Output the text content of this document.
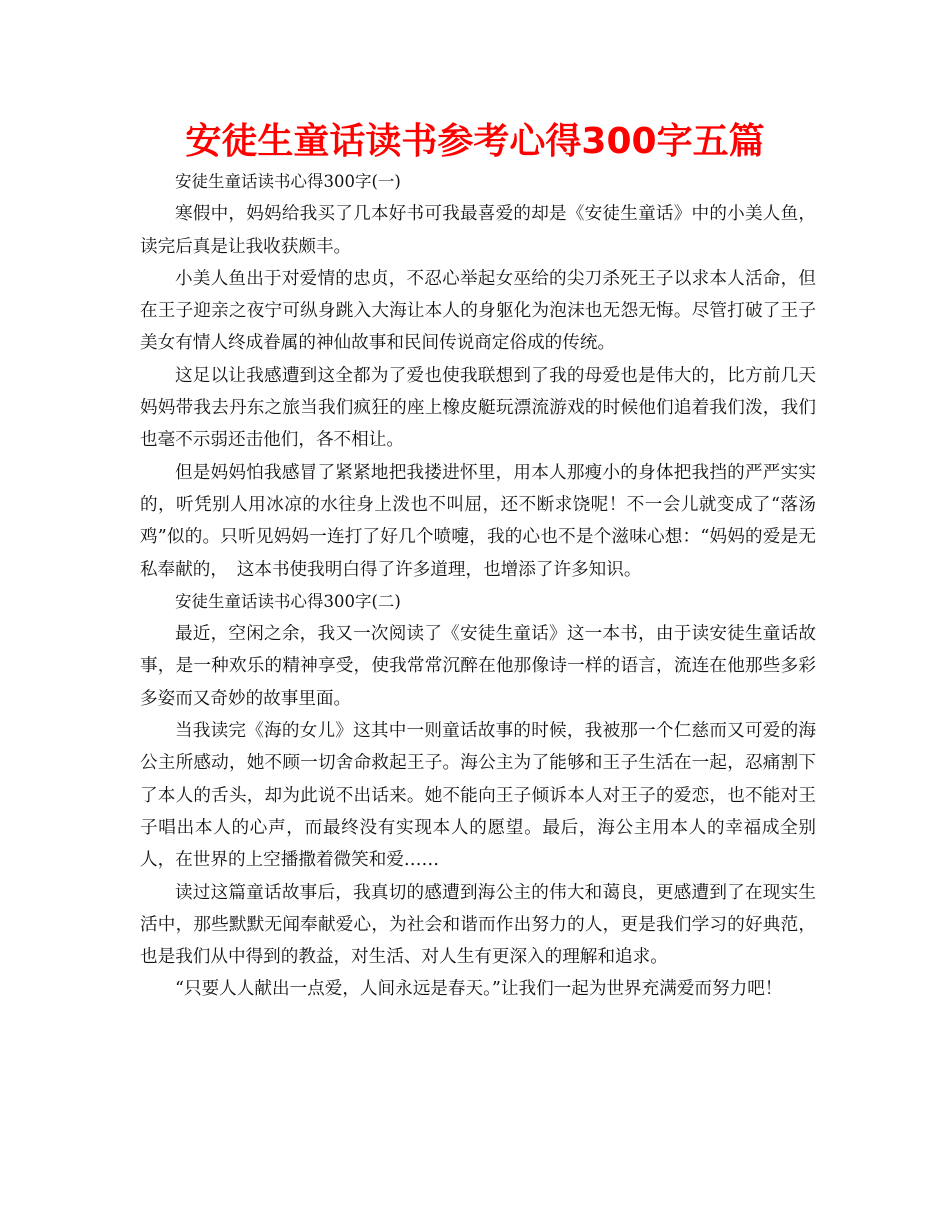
安徒生童话读书参考心得300字五篇

安徒生童话读书心得300字(一)

寒假中，妈妈给我买了几本好书可我最喜爱的却是《安徒生童话》中的小美人鱼，读完后真是让我收获颇丰。

小美人鱼出于对爱情的忠贞，不忍心举起女巫给的尖刀杀死王子以求本人活命，但在王子迎亲之夜宁可纵身跳入大海让本人的身躯化为泡沫也无怨无悔。尽管打破了王子美女有情人终成眷属的神仙故事和民间传说商定俗成的传统。

这足以让我感遭到这全都为了爱也使我联想到了我的母爱也是伟大的，比方前几天妈妈带我去丹东之旅当我们疯狂的座上橡皮艇玩漂流游戏的时候他们追着我们泼，我们也毫不示弱还击他们，各不相让。

但是妈妈怕我感冒了紧紧地把我搂进怀里，用本人那瘦小的身体把我挡的严严实实的，听凭别人用冰凉的水往身上泼也不叫屈，还不断求饶呢！不一会儿就变成了“落汤鸡”似的。只听见妈妈一连打了好几个喷嚏，我的心也不是个滋味心想：“妈妈的爱是无私奉献的，　这本书使我明白得了许多道理，也增添了许多知识。

安徒生童话读书心得300字(二)

最近，空闲之余，我又一次阅读了《安徒生童话》这一本书，由于读安徒生童话故事，是一种欢乐的精神享受，使我常常沉醉在他那像诗一样的语言，流连在他那些多彩多姿而又奇妙的故事里面。

当我读完《海的女儿》这其中一则童话故事的时候，我被那一个仁慈而又可爱的海公主所感动，她不顾一切舍命救起王子。海公主为了能够和王子生活在一起，忍痛割下了本人的舌头，却为此说不出话来。她不能向王子倾诉本人对王子的爱恋，也不能对王子唱出本人的心声，而最终没有实现本人的愿望。最后，海公主用本人的幸福成全别人，在世界的上空播撒着微笑和爱……

读过这篇童话故事后，我真切的感遭到海公主的伟大和蔼良，更感遭到了在现实生活中，那些默默无闻奉献爱心，为社会和谐而作出努力的人，更是我们学习的好典范，也是我们从中得到的教益，对生活、对人生有更深入的理解和追求。

“只要人人献出一点爱，人间永远是春天。”让我们一起为世界充满爱而努力吧！
